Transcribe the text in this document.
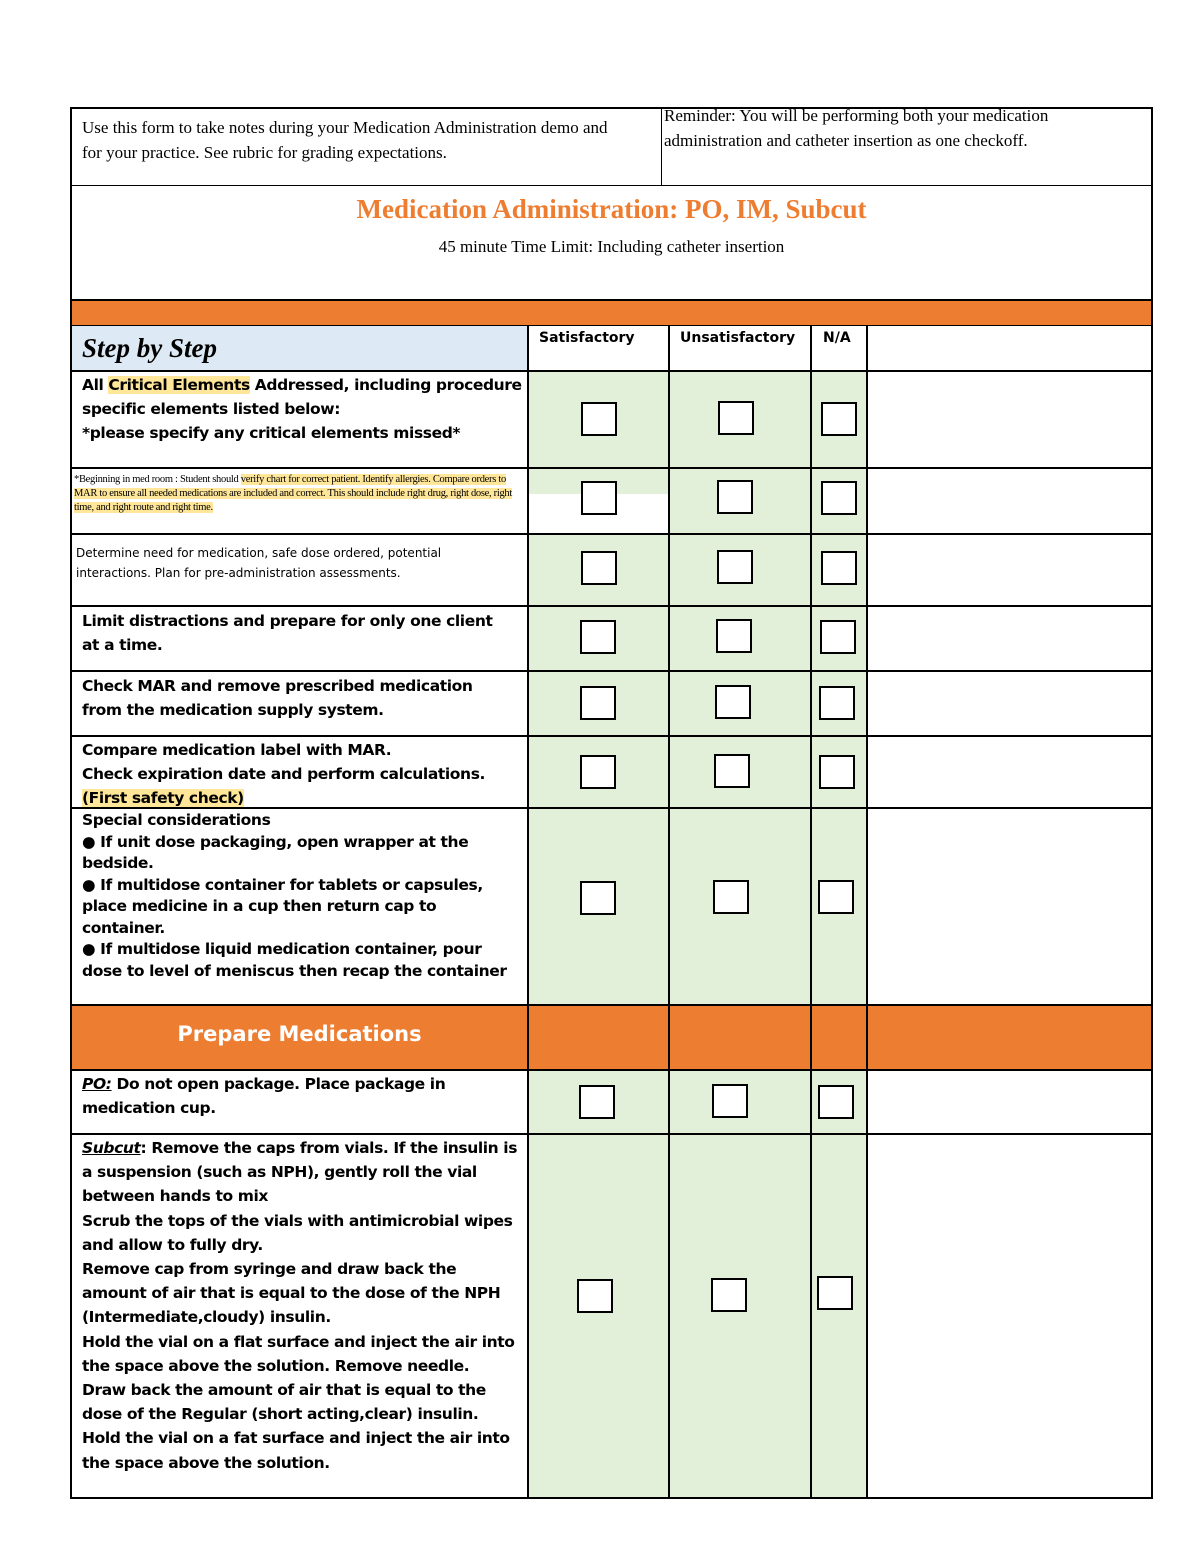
Use this form to take notes during your Medication Administration demo and for your practice. See rubric for grading expectations.
Reminder: You will be performing both your medication administration and catheter insertion as one checkoff.
Medication Administration: PO, IM, Subcut
45 minute Time Limit: Including catheter insertion
Step by Step	Satisfactory	Unsatisfactory N/A
All Critical Elements Addressed, including procedure specific elements listed below:
*please specify any critical elements missed*
*Beginning in med room : Student should verify chart for correct patient. Identify allergies. Compare orders to MAR to ensure all needed medications are included and correct. This should include right drug, right dose, right time, and right route and right time.
Determine need for medication, safe dose ordered, potential interactions. Plan for pre-administration assessments.
Limit distractions and prepare for only one client at a time.
Check MAR and remove prescribed medication from the medication supply system.
Compare medication label with MAR.
Check expiration date and perform calculations. (First safety check)
Special considerations
● If unit dose packaging, open wrapper at the bedside.
● If multidose container for tablets or capsules, place medicine in a cup then return cap to container.
● If multidose liquid medication container, pour dose to level of meniscus then recap the container
Prepare Medications
PO: Do not open package. Place package in medication cup.
Subcut: Remove the caps from vials. If the insulin is a suspension (such as NPH), gently roll the vial between hands to mix
Scrub the tops of the vials with antimicrobial wipes and allow to fully dry.
Remove cap from syringe and draw back the amount of air that is equal to the dose of the NPH (Intermediate,cloudy) insulin.
Hold the vial on a flat surface and inject the air into the space above the solution. Remove needle.
Draw back the amount of air that is equal to the dose of the Regular (short acting,clear) insulin.
Hold the vial on a fat surface and inject the air into the space above the solution.
